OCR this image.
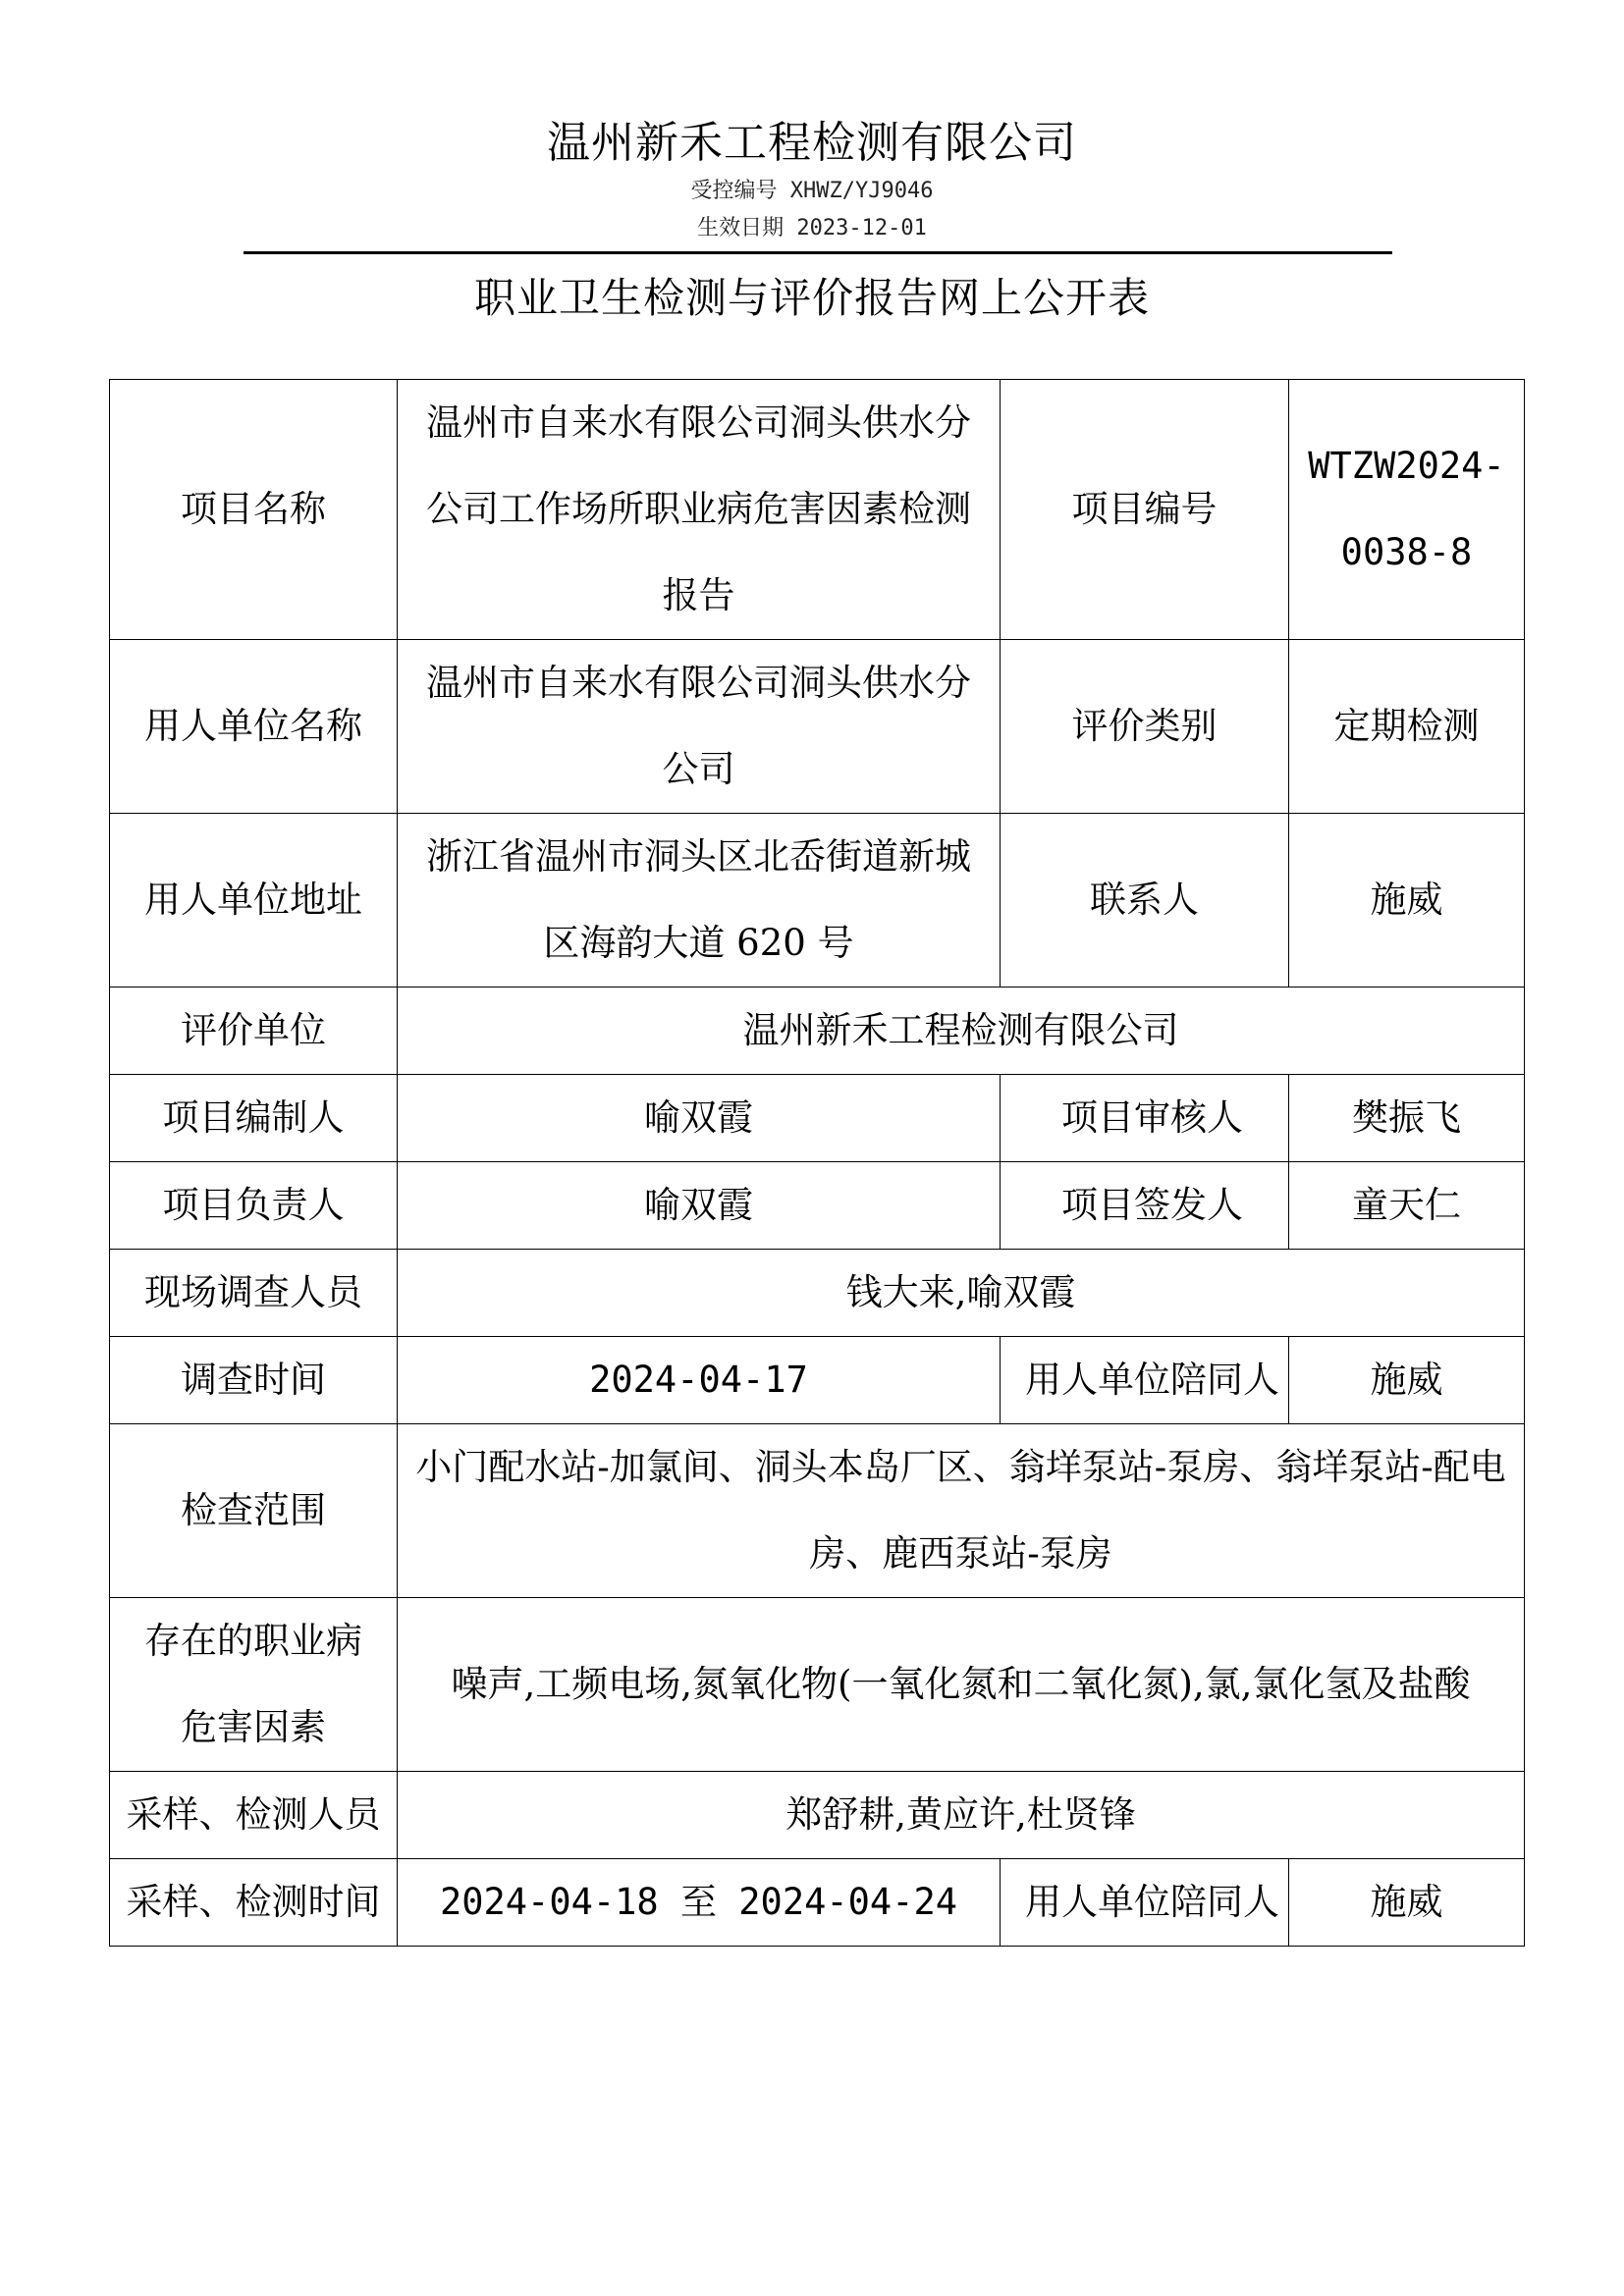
温州新禾工程检测有限公司
受控编号 XHWZ/YJ9046
生效日期 2023-12-01
职业卫生检测与评价报告网上公开表
项目名称	温州市自来水有限公司洞头供水分公司工作场所职业病危害因素检测报告	项目编号	WTZW2024-0038-8
用人单位名称	温州市自来水有限公司洞头供水分公司	评价类别	定期检测
用人单位地址	浙江省温州市洞头区北岙街道新城区海韵大道 620 号	联系人	施威
评价单位	温州新禾工程检测有限公司		
项目编制人	喻双霞	项目审核人	樊振飞
项目负责人	喻双霞	项目签发人	童天仁
现场调查人员	钱大来,喻双霞		
调查时间	2024-04-17	用人单位陪同人	施威
检查范围	小门配水站-加氯间、洞头本岛厂区、翁垟泵站-泵房、翁垟泵站-配电房、鹿西泵站-泵房		
存在的职业病危害因素	噪声,工频电场,氮氧化物(一氧化氮和二氧化氮),氯,氯化氢及盐酸		
采样、检测人员	郑舒耕,黄应许,杜贤锋		
采样、检测时间	2024-04-18 至 2024-04-24	用人单位陪同人	施威
